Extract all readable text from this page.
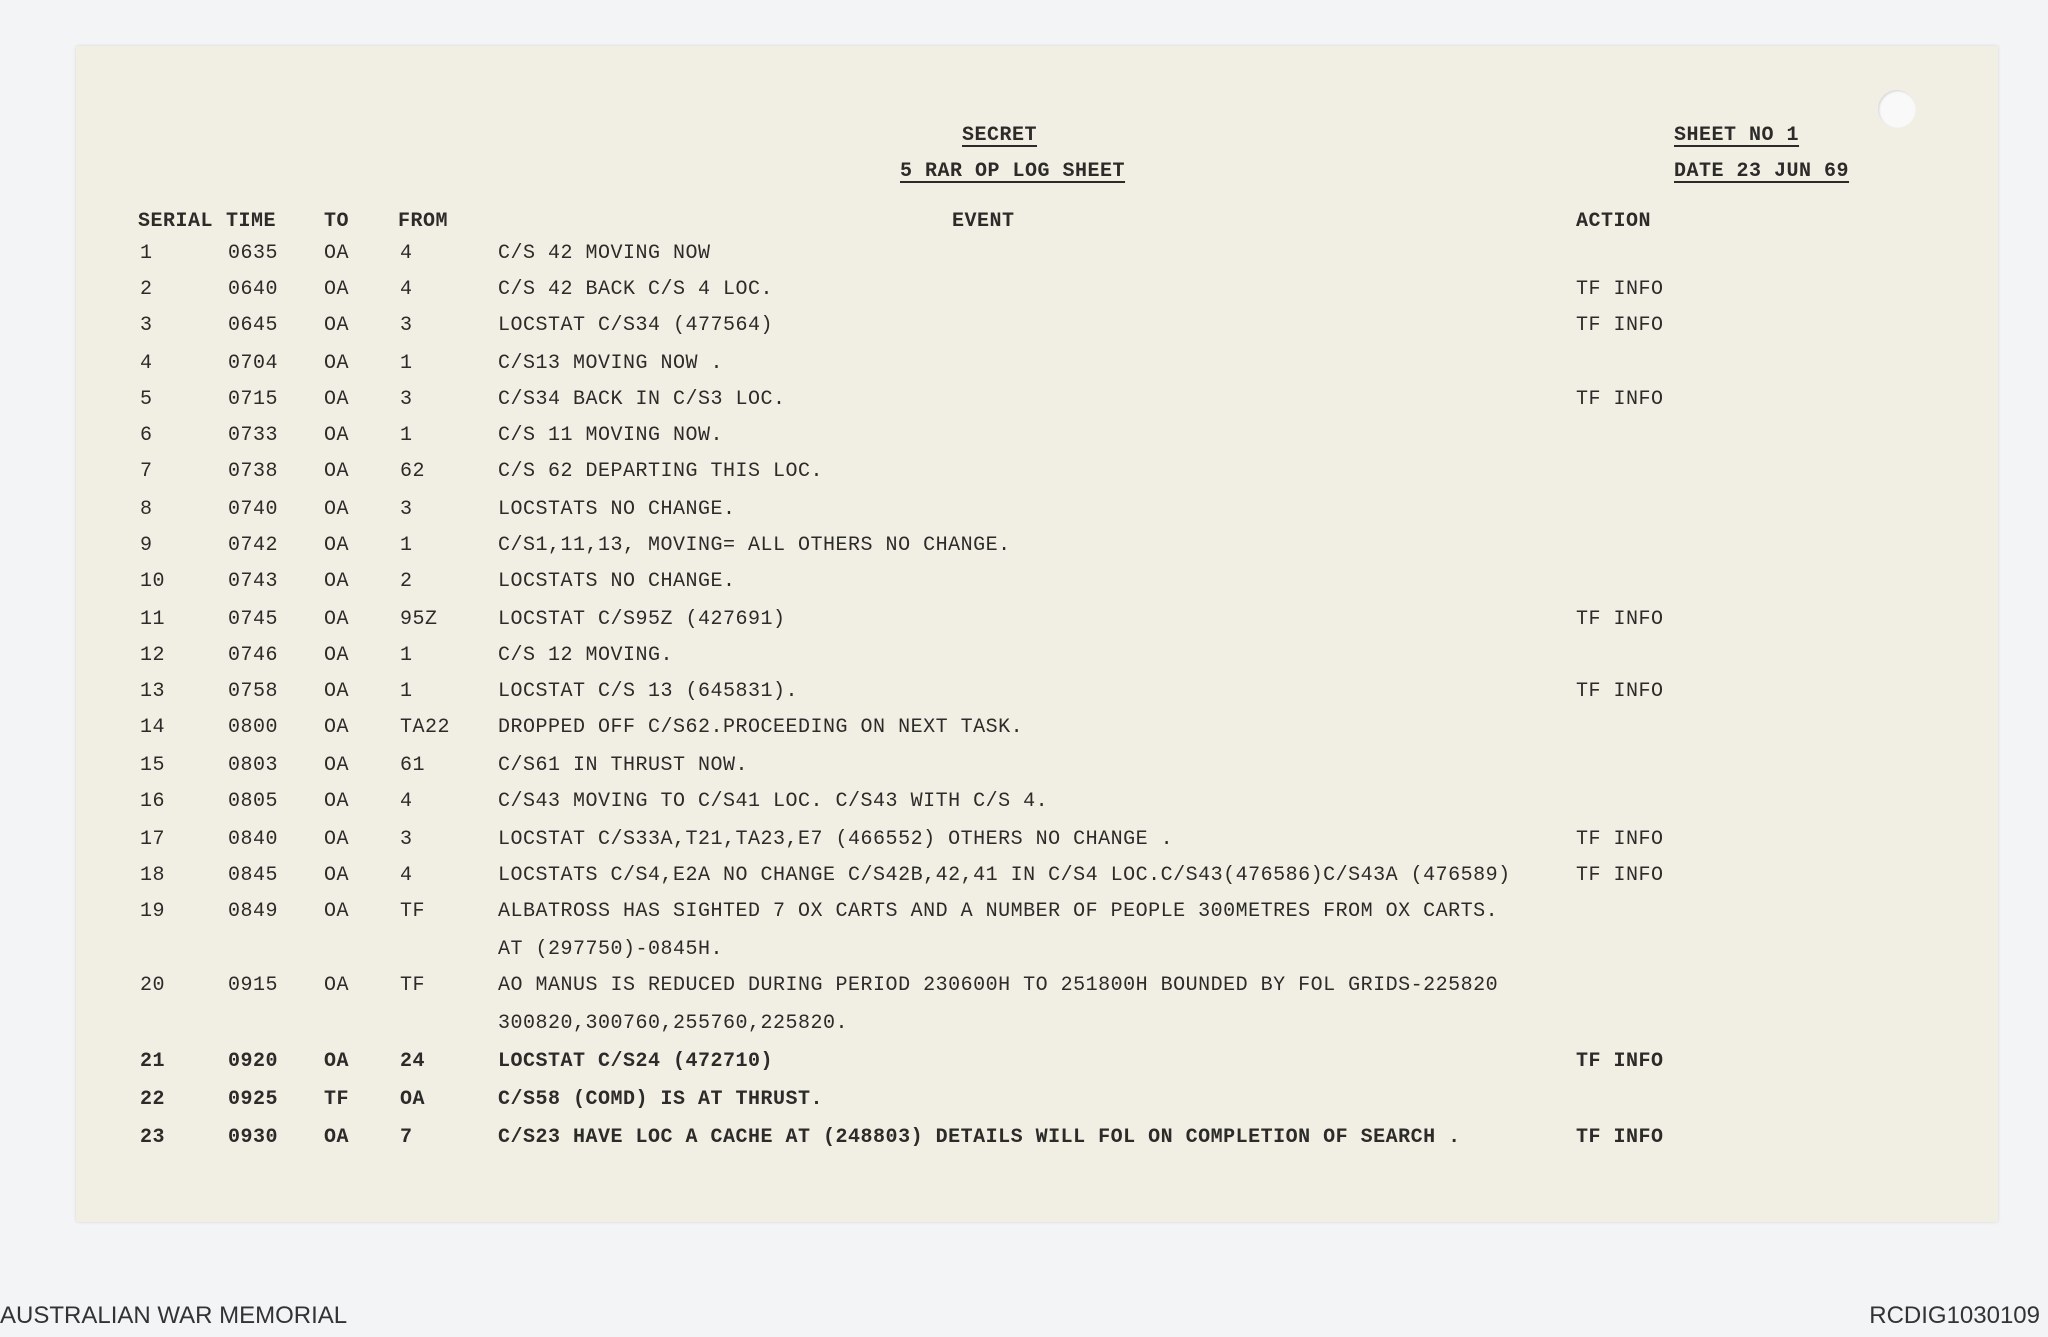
SECRET
5 RAR OP LOG SHEET
SHEET NO 1
DATE 23 JUN 69
SERIAL TIME TO FROM	EVENT	ACTION
1	0635 OA	4	C/S 42 MOVING NOW
2	0640 OA	4	C/S 42 BACK C/S 4 LOC.	TF INFO
3	0645 OA	3	LOCSTAT C/S34 (477564)	TF INFO
4	0704 OA	1	C/S13 MOVING NOW .
5	0715 OA	3	C/S34 BACK IN C/S3 LOC.	TF INFO
6	0733 OA	1	C/S 11 MOVING NOW.
7	0738 OA	62	C/S 62 DEPARTING THIS LOC.
8	0740 OA	3	LOCSTATS NO CHANGE.
9	0742 OA	1	C/S1,11,13, MOVING= ALL OTHERS NO CHANGE.
10	0743 OA	2	LOCSTATS NO CHANGE.
11	0745 OA	95Z	LOCSTAT C/S95Z (427691)	TF INFO
12	0746 OA	1	C/S 12 MOVING.
13	0758 OA	1	LOCSTAT C/S 13 (645831).	TF INFO
14	0800 OA	TA22 DROPPED OFF C/S62.PROCEEDING ON NEXT TASK.
15	0803 OA	61	C/S61 IN THRUST NOW.
16	0805 OA	4	C/S43 MOVING TO C/S41 LOC. C/S43 WITH C/S 4.
17	0840 OA	3	LOCSTAT C/S33A,T21,TA23,E7 (466552) OTHERS NO CHANGE .	TF INFO
18	0845 OA	4	LOCSTATS C/S4,E2A NO CHANGE C/S42B,42,41 IN C/S4 LOC.C/S43(476586)C/S43A (476589)	TF INFO
19	0849 OA	TF	ALBATROSS HAS SIGHTED 7 OX CARTS AND A NUMBER OF PEOPLE 300METRES FROM OX CARTS.
AT (297750)-0845H.
20	0915 OA	TF	AO MANUS IS REDUCED DURING PERIOD 230600H TO 251800H BOUNDED BY FOL GRIDS-225820
300820,300760,255760,225820.
21	0920 OA	24	LOCSTAT C/S24 (472710)	TF INFO
22	0925 TF	OA	C/S58 (COMD) IS AT THRUST.
23	0930 OA	7	C/S23 HAVE LOC A CACHE AT (248803) DETAILS WILL FOL ON COMPLETION OF SEARCH .	TF INFO
AUSTRALIAN WAR MEMORIAL	RCDIG1030109
